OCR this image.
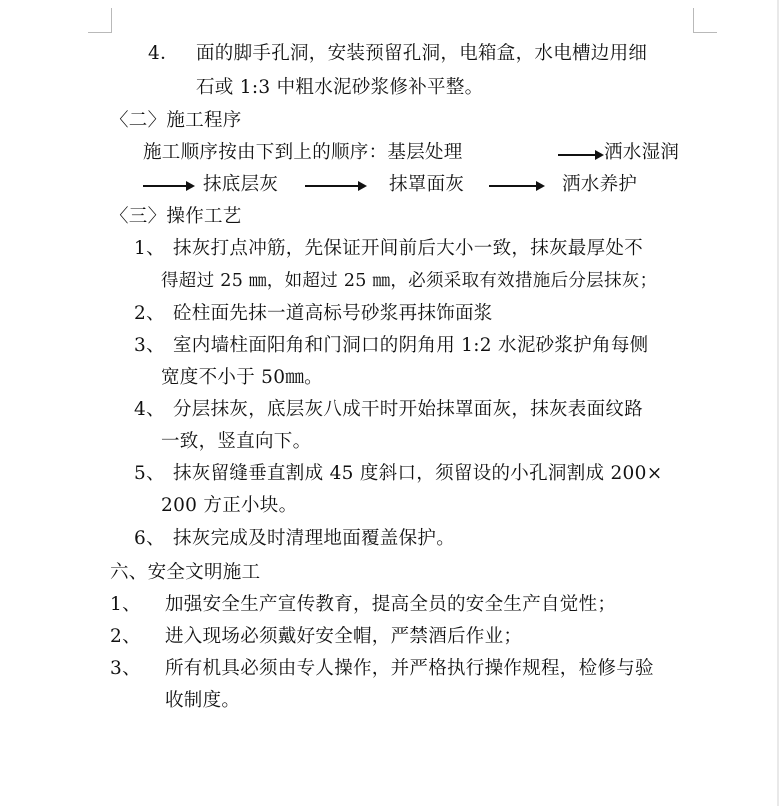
4． 面的脚手孔洞，安装预留孔洞，电箱盒，水电槽边用细
石或 1:3 中粗水泥砂浆修补平整。
〈二〉施工程序
施工顺序按由下到上的顺序：基层处理	洒水湿润
抹底层灰	抹罩面灰	洒水养护
〈三〉操作工艺
1、 抹灰打点冲筋，先保证开间前后大小一致，抹灰最厚处不
得超过 25 ㎜，如超过 25 ㎜，必须采取有效措施后分层抹灰；
2、 砼柱面先抹一道高标号砂浆再抹饰面浆
3、 室内墙柱面阳角和门洞口的阴角用 1:2 水泥砂浆护角每侧
宽度不小于 50㎜。
4、 分层抹灰，底层灰八成干时开始抹罩面灰，抹灰表面纹路
一致，竖直向下。
5、 抹灰留缝垂直割成 45 度斜口，须留设的小孔洞割成 200×
200 方正小块。
6、 抹灰完成及时清理地面覆盖保护。
六、安全文明施工
1、 加强安全生产宣传教育，提高全员的安全生产自觉性；
2、 进入现场必须戴好安全帽，严禁酒后作业；
3、 所有机具必须由专人操作，并严格执行操作规程，检修与验
收制度。
